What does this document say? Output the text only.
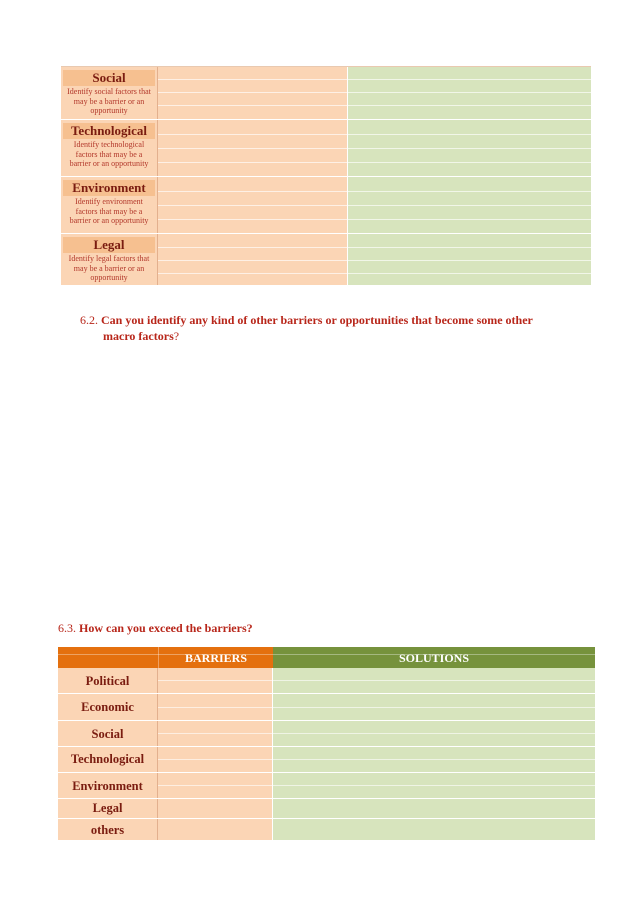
Social
Identify social factors that may be a barrier or an opportunity
Technological
Identify technological factors that may be a barrier or an opportunity
Environment
Identify environment factors that may be a barrier or an opportunity
Legal
Identify legal factors that may be a barrier or an opportunity
6.2. Can you identify any kind of other barriers or opportunities that become some other
macro factors?
6.3. How can you exceed the barriers?
BARRIERS	SOLUTIONS
Political
Economic
Social
Technological
Environment
Legal
others
